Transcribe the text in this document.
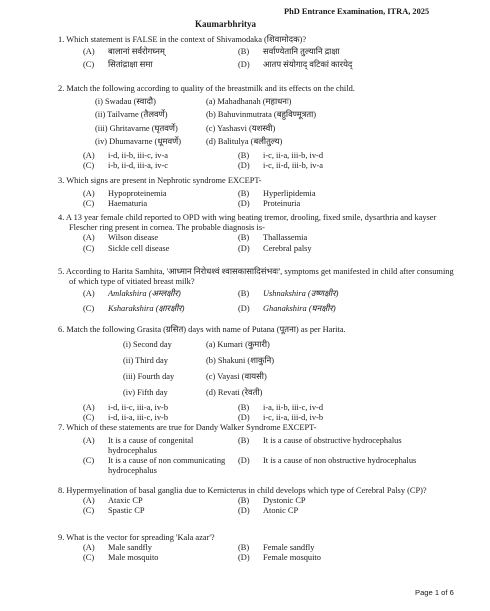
PhD Entrance Examination, ITRA, 2025
Kaumarbhritya
1. Which statement is FALSE in the context of Shivamodaka (शिवामोदक)?
(A) बालानां सर्वरोगघ्नम्	(B) सर्वाण्येतानि तुल्यानि द्राक्षा
(C) सितांद्राक्षा समा	(D) आतप संयोगाद् वटिकां कारयेद्
2. Match the following according to quality of the breastmilk and its effects on the child.
(i) Swadau (स्वादौ)	(a) Mahadhanah (महाधनः)
(ii) Tailvarne (तैलवर्णे)	(b) Bahuvinmutrata (बहुविण्मूत्रता)
(iii) Ghritavarne (घृतवर्णे)	(c) Yashasvi (यशस्वी)
(iv) Dhumavarne (धूमवर्णे)	(d) Balitulya (बलीतुल्य)
(A) i-d, ii-b, iii-c, iv-a	(B) i-c, ii-a, iii-b, iv-d
(C) i-b, ii-d, iii-a, iv-c	(D) i-c, ii-d, iii-b, iv-a
3. Which signs are present in Nephrotic syndrome EXCEPT-
(A) Hypoproteinemia	(B) Hyperlipidemia
(C) Haematuria	(D) Proteinuria
4. A 13 year female child reported to OPD with wing beating tremor, drooling, fixed smile, dysarthria and kayser Flescher ring present in cornea. The probable diagnosis is-
(A) Wilson disease	(B) Thallassemia
(C) Sickle cell disease	(D) Cerebral palsy
5. According to Harita Samhita, 'आध्मान निरोधश्वं श्वासकासादिसंभवः', symptoms get manifested in child after consuming of which type of vitiated breast milk?
(A) Amlakshira (अम्लक्षीर)	(B) Ushnakshira (उष्णक्षीर)
(C) Ksharakshira (क्षारक्षीर)	(D) Ghanakshira (घनक्षीर)
6. Match the following Grasita (ग्रसित) days with name of Putana (पूतना) as per Harita.
(i) Second day	(a) Kumari (कुमारी)
(ii) Third day	(b) Shakuni (शाकुनि)
(iii) Fourth day	(c) Vayasi (वायसी)
(iv) Fifth day	(d) Revati (रेवती)
(A) i-d, ii-c, iii-a, iv-b	(B) i-a, ii-b, iii-c, iv-d
(C) i-d, ii-a, iii-c, iv-b	(D) i-c, ii-a, iii-d, iv-b
7. Which of these statements are true for Dandy Walker Syndrome EXCEPT-
(A) It is a cause of congenital hydrocephalus
(B) It is a cause of obstructive hydrocephalus
(C) It is a cause of non communicating hydrocephalus
(D) It is a cause of non obstructive hydrocephalus
8. Hypermyelination of basal ganglia due to Kernicterus in child develops which type of Cerebral Palsy (CP)?
(A) Ataxic CP	(B) Dystonic CP
(C) Spastic CP	(D) Atonic CP
9. What is the vector for spreading 'Kala azar'?
(A) Male sandfly	(B) Female sandfly
(C) Male mosquito	(D) Female mosquito
Page 1 of 6
